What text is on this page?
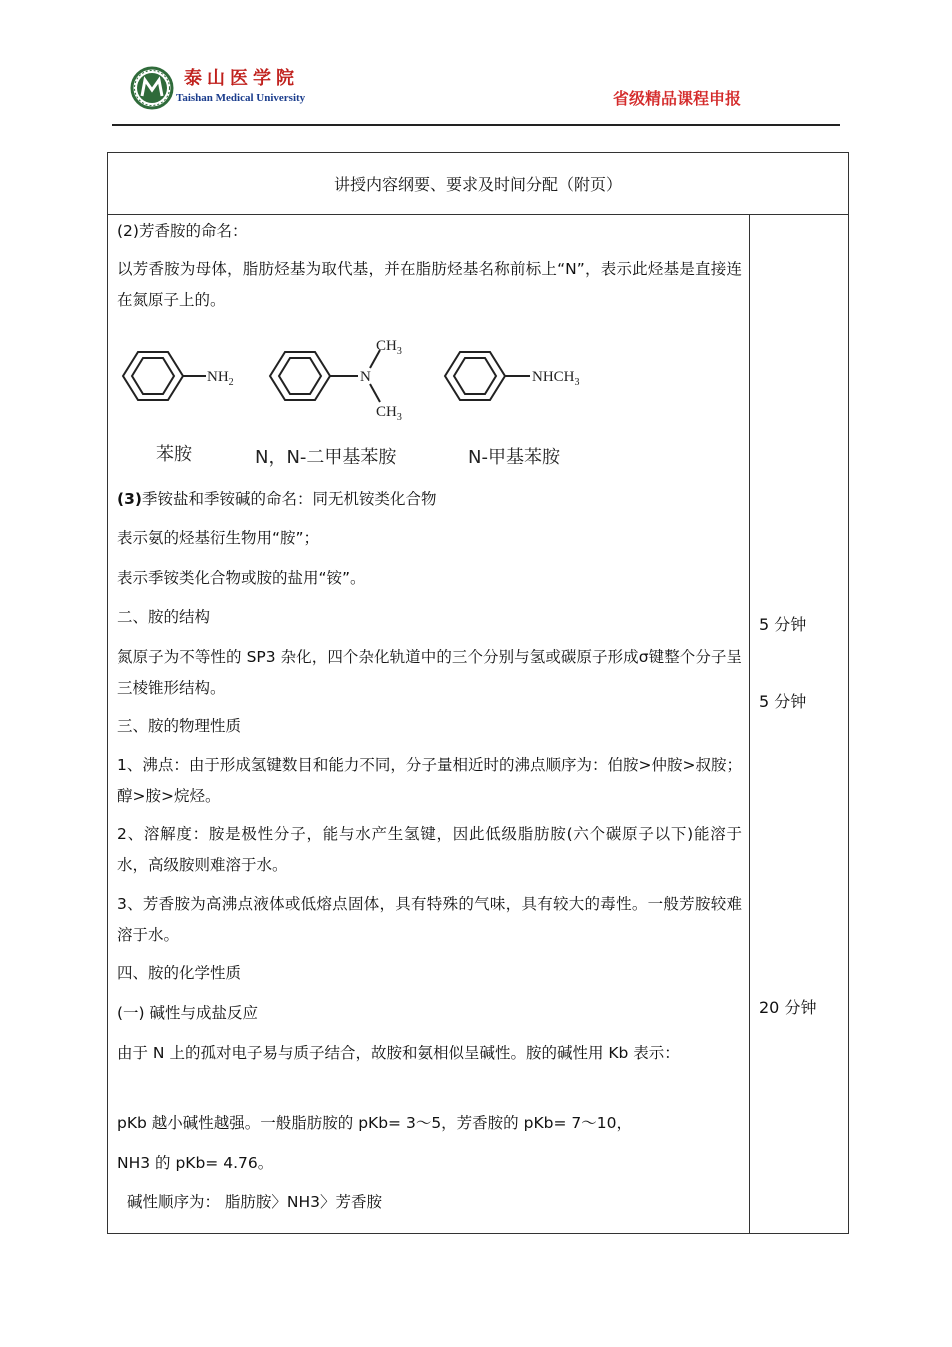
泰山医学院
Taishan Medical University	省级精品课程申报
讲授内容纲要、要求及时间分配（附页）
(2)芳香胺的命名：
以芳香胺为母体，脂肪烃基为取代基，并在脂肪烃基名称前标上“N”，表示此烃基是直接连在氮原子上的。
$NH_2$	N
$CH_3$
$CH_3$
$NHCH_3$
苯胺	N，N-二甲基苯胺	N-甲基苯胺
(3)季铵盐和季铵碱的命名：同无机铵类化合物
表示氨的烃基衍生物用“胺”；
表示季铵类化合物或胺的盐用“铵”。
二、胺的结构
氮原子为不等性的 SP3 杂化，四个杂化轨道中的三个分别与氢或碳原子形成σ键整个分子呈三棱锥形结构。
三、胺的物理性质
1、沸点：由于形成氢键数目和能力不同，分子量相近时的沸点顺序为：伯胺>仲胺>叔胺；醇>胺>烷烃。
2、溶解度：胺是极性分子，能与水产生氢键，因此低级脂肪胺(六个碳原子以下)能溶于水，高级胺则难溶于水。
3、芳香胺为高沸点液体或低熔点固体，具有特殊的气味，具有较大的毒性。一般芳胺较难溶于水。
四、胺的化学性质
(一) 碱性与成盐反应
由于 N 上的孤对电子易与质子结合，故胺和氨相似呈碱性。胺的碱性用 Kb 表示：
pKb 越小碱性越强。一般脂肪胺的 pKb= 3～5，芳香胺的 pKb= 7～10，
NH3 的 pKb= 4.76。
碱性顺序为： 脂肪胺〉NH3〉芳香胺
5 分钟
5 分钟
20 分钟
